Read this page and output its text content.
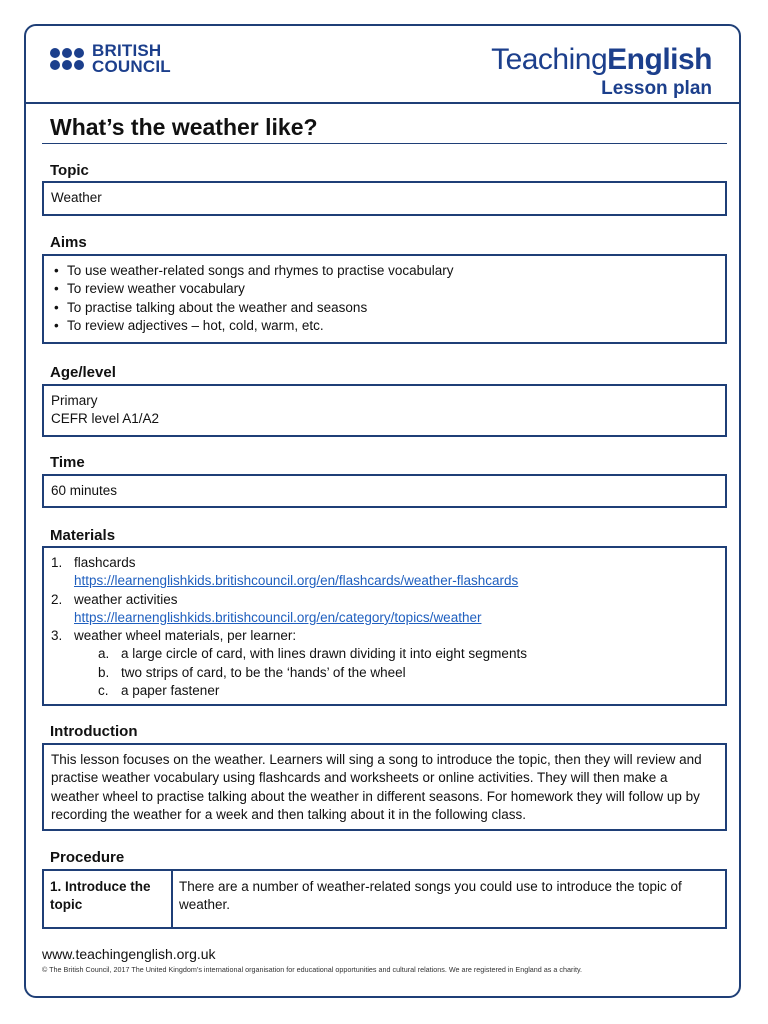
BRITISH
COUNCIL	TeachingEnglish
Lesson plan
What’s the weather like?
Topic
Weather
Aims
• To use weather-related songs and rhymes to practise vocabulary
• To review weather vocabulary
• To practise talking about the weather and seasons
• To review adjectives – hot, cold, warm, etc.
Age/level
Primary
CEFR level A1/A2
Time
60 minutes
Materials
1. flashcards
https://learnenglishkids.britishcouncil.org/en/flashcards/weather-flashcards
2. weather activities
https://learnenglishkids.britishcouncil.org/en/category/topics/weather
3. weather wheel materials, per learner:
a. a large circle of card, with lines drawn dividing it into eight segments
b. two strips of card, to be the ‘hands’ of the wheel
c. a paper fastener
Introduction
This lesson focuses on the weather. Learners will sing a song to introduce the topic, then they will review and practise weather vocabulary using flashcards and worksheets or online activities. They will then make a weather wheel to practise talking about the weather in different seasons. For homework they will follow up by recording the weather for a week and then talking about it in the following class.
Procedure
1. Introduce the topic
There are a number of weather-related songs you could use to introduce the topic of weather.
www.teachingenglish.org.uk
© The British Council, 2017 The United Kingdom’s international organisation for educational opportunities and cultural relations. We are registered in England as a charity.
